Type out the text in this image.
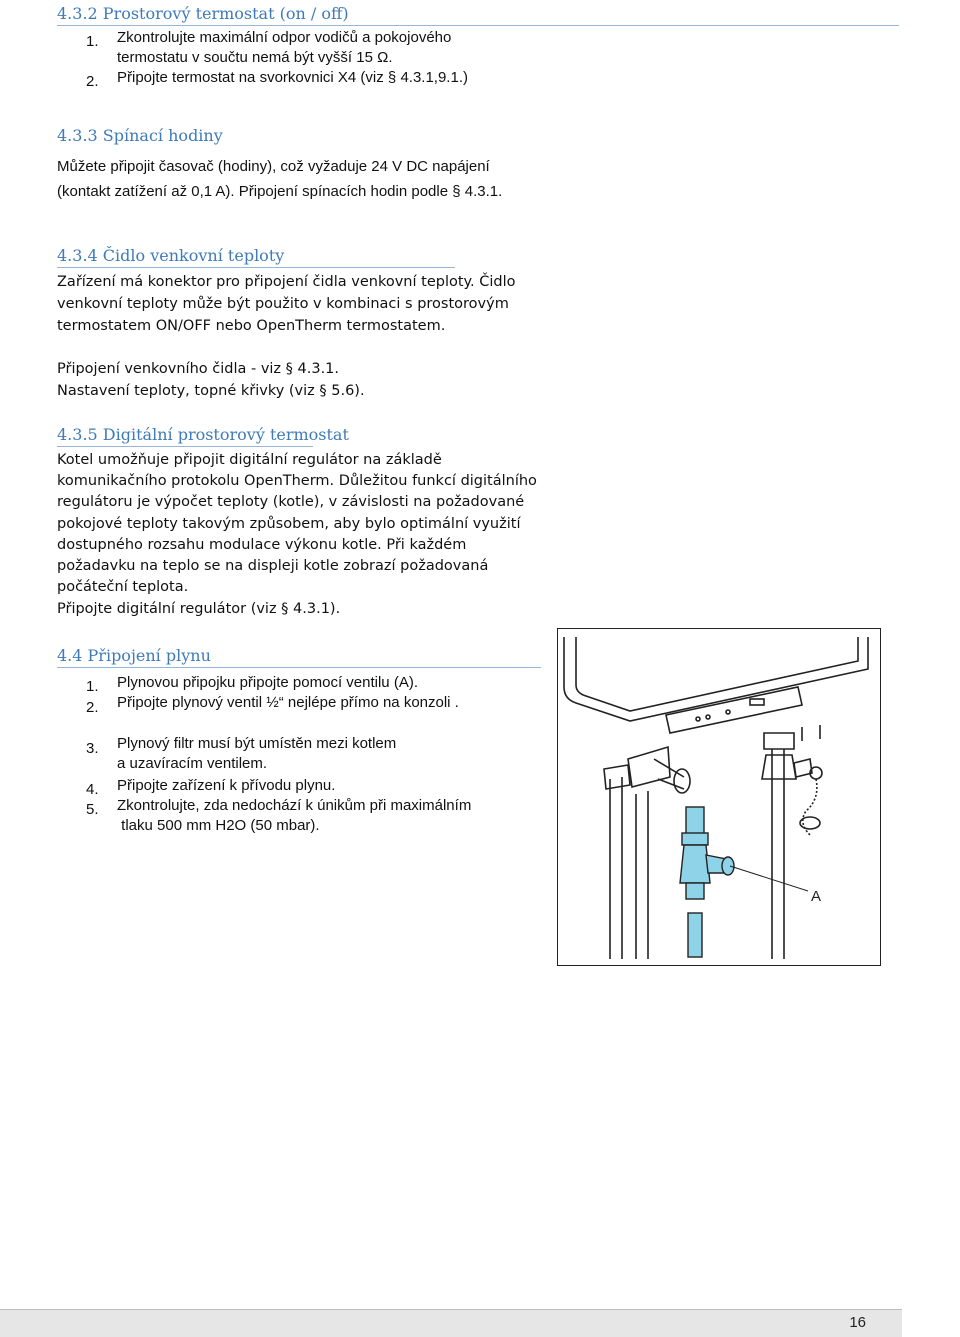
4.3.2 Prostorový termostat (on / off)
1. Zkontrolujte maximální odpor vodičů a pokojového
termostatu v součtu nemá být vyšší 15 Ω.
2. Připojte termostat na svorkovnici X4 (viz § 4.3.1,9.1.)
4.3.3 Spínací hodiny
Můžete připojit časovač (hodiny), což vyžaduje 24 V DC napájení
(kontakt zatížení až 0,1 A). Připojení spínacích hodin podle § 4.3.1.
4.3.4 Čidlo venkovní teploty
Zařízení má konektor pro připojení čidla venkovní teploty. Čidlo
venkovní teploty může být použito v kombinaci s prostorovým
termostatem ON/OFF nebo OpenTherm termostatem.
Připojení venkovního čidla - viz § 4.3.1.
Nastavení teploty, topné křivky (viz § 5.6).
4.3.5 Digitální prostorový termostat
Kotel umožňuje připojit digitální regulátor na základě
komunikačního protokolu OpenTherm. Důležitou funkcí digitálního
regulátoru je výpočet teploty (kotle), v závislosti na požadované
pokojové teploty takovým způsobem, aby bylo optimální využití
dostupného rozsahu modulace výkonu kotle. Při každém
požadavku na teplo se na displeji kotle zobrazí požadovaná
počáteční teplota.
Připojte digitální regulátor (viz § 4.3.1).
4.4 Připojení plynu
1. Plynovou připojku připojte pomocí ventilu (A).
2. Připojte plynový ventil ½“ nejlépe přímo na konzoli .
3. Plynový filtr musí být umístěn mezi kotlem
a uzavíracím ventilem.
4. Připojte zařízení k přívodu plynu.
5. Zkontrolujte, zda nedochází k únikům při maximálním
tlaku 500 mm H2O (50 mbar).
A
16
